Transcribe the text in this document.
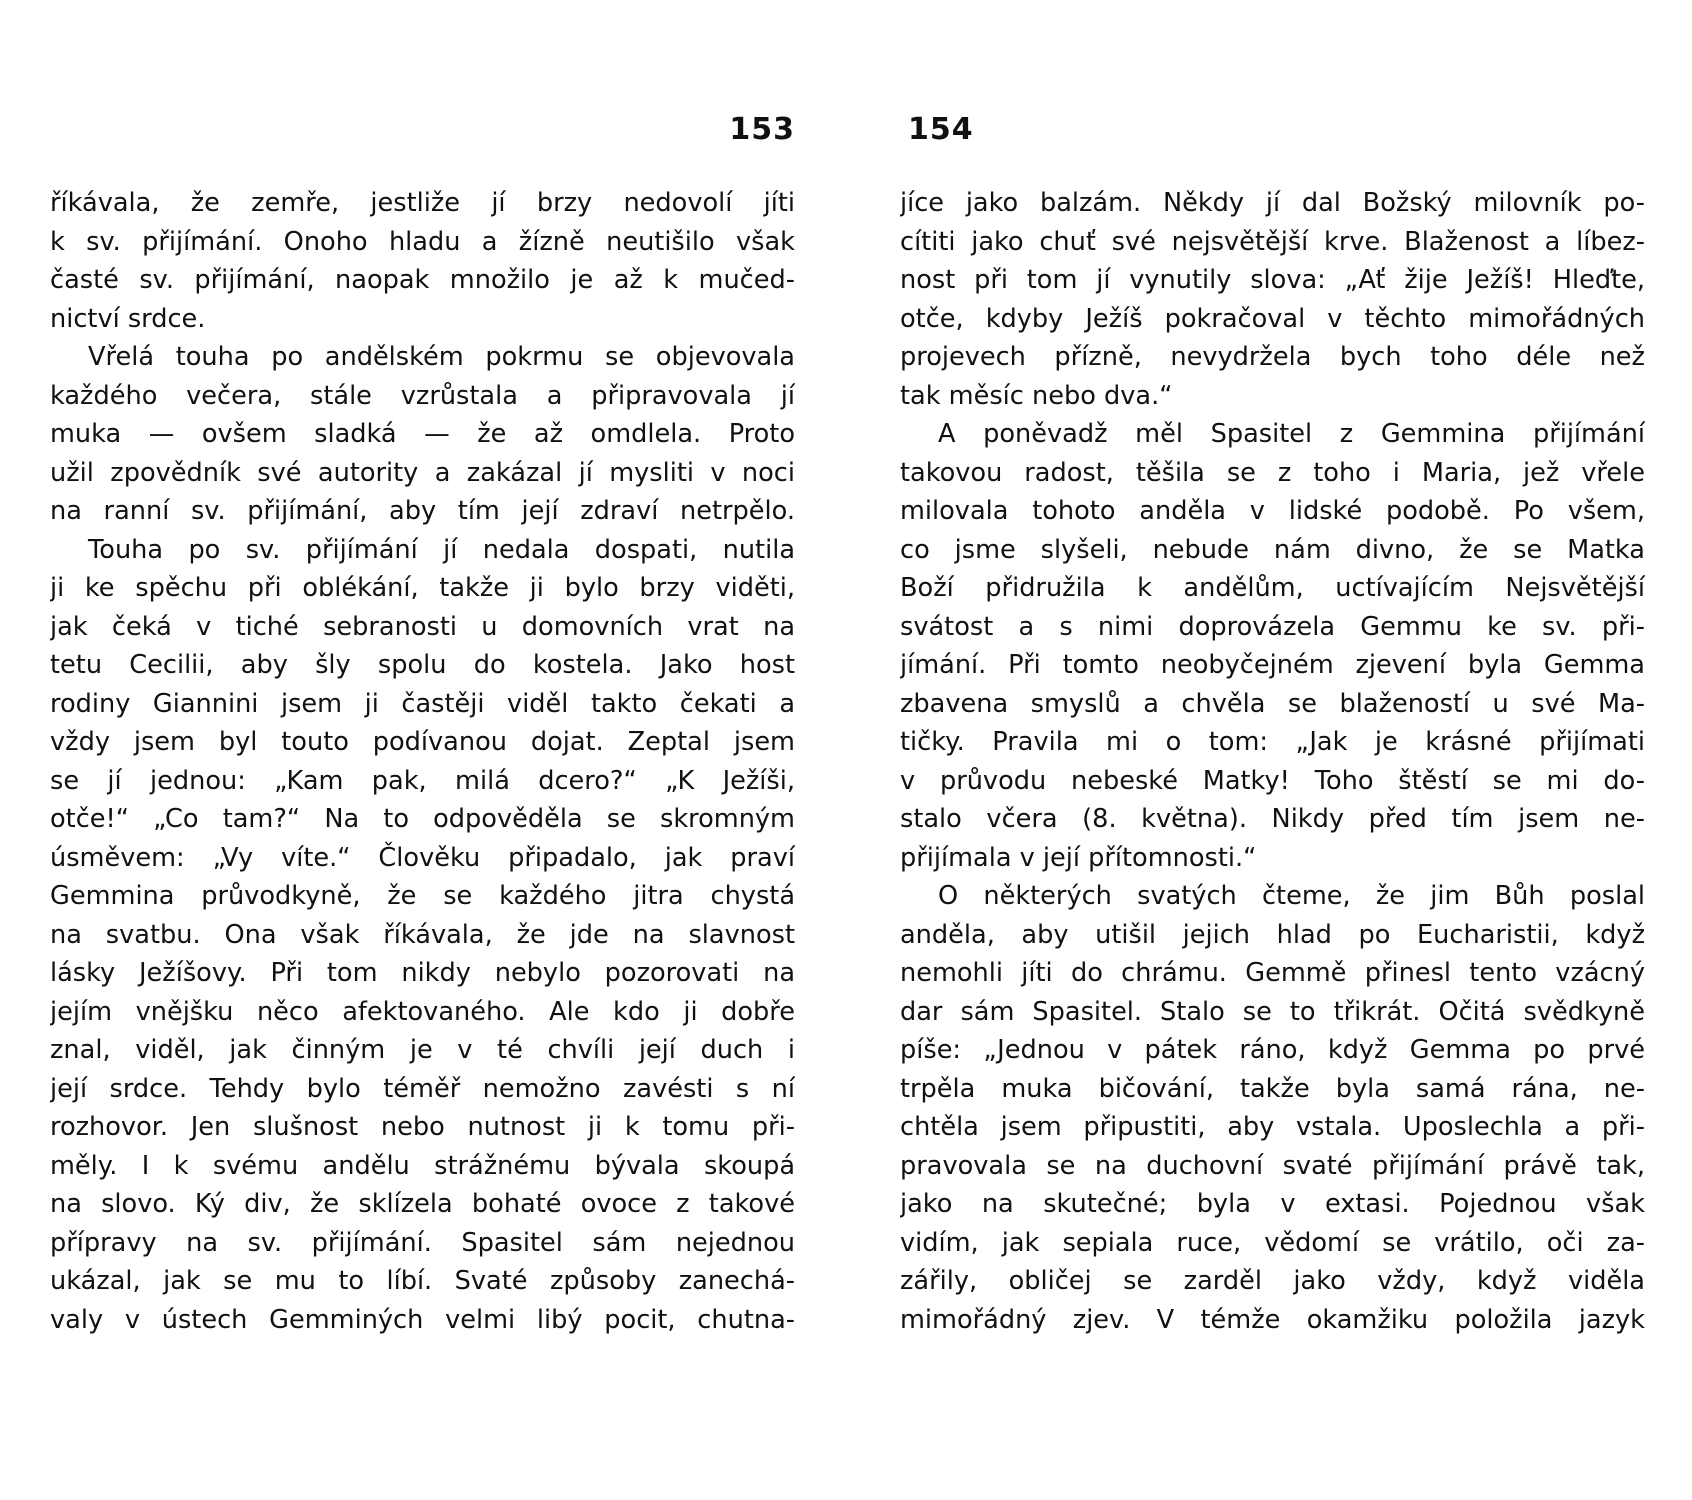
153
říkávala, že zemře, jestliže jí brzy nedovolí jíti
k sv. přijímání. Onoho hladu a žízně neutišilo však
časté sv. přijímání, naopak množilo je až k mučed-
nictví srdce.
Vřelá touha po andělském pokrmu se objevovala
každého večera, stále vzrůstala a připravovala jí
muka — ovšem sladká — že až omdlela. Proto
užil zpovědník své autority a zakázal jí mysliti v noci
na ranní sv. přijímání, aby tím její zdraví netrpělo.
Touha po sv. přijímání jí nedala dospati, nutila
ji ke spěchu při oblékání, takže ji bylo brzy viděti,
jak čeká v tiché sebranosti u domovních vrat na
tetu Cecilii, aby šly spolu do kostela. Jako host
rodiny Giannini jsem ji častěji viděl takto čekati a
vždy jsem byl touto podívanou dojat. Zeptal jsem
se jí jednou: „Kam pak, milá dcero?“ „K Ježíši,
otče!“ „Co tam?“ Na to odpověděla se skromným
úsměvem: „Vy víte.“ Člověku připadalo, jak praví
Gemmina průvodkyně, že se každého jitra chystá
na svatbu. Ona však říkávala, že jde na slavnost
lásky Ježíšovy. Při tom nikdy nebylo pozorovati na
jejím vnějšku něco afektovaného. Ale kdo ji dobře
znal, viděl, jak činným je v té chvíli její duch i
její srdce. Tehdy bylo téměř nemožno zavésti s ní
rozhovor. Jen slušnost nebo nutnost ji k tomu při-
měly. I k svému andělu strážnému bývala skoupá
na slovo. Ký div, že sklízela bohaté ovoce z takové
přípravy na sv. přijímání. Spasitel sám nejednou
ukázal, jak se mu to líbí. Svaté způsoby zanechá-
valy v ústech Gemminých velmi libý pocit, chutna-
154
jíce jako balzám. Někdy jí dal Božský milovník po-
cítiti jako chuť své nejsvětější krve. Blaženost a líbez-
nost při tom jí vynutily slova: „Ať žije Ježíš! Hleďte,
otče, kdyby Ježíš pokračoval v těchto mimořádných
projevech přízně, nevydržela bych toho déle než
tak měsíc nebo dva.“
A poněvadž měl Spasitel z Gemmina přijímání
takovou radost, těšila se z toho i Maria, jež vřele
milovala tohoto anděla v lidské podobě. Po všem,
co jsme slyšeli, nebude nám divno, že se Matka
Boží přidružila k andělům, uctívajícím Nejsvětější
svátost a s nimi doprovázela Gemmu ke sv. při-
jímání. Při tomto neobyčejném zjevení byla Gemma
zbavena smyslů a chvěla se blažeností u své Ma-
tičky. Pravila mi o tom: „Jak je krásné přijímati
v průvodu nebeské Matky! Toho štěstí se mi do-
stalo včera (8. května). Nikdy před tím jsem ne-
přijímala v její přítomnosti.“
O některých svatých čteme, že jim Bůh poslal
anděla, aby utišil jejich hlad po Eucharistii, když
nemohli jíti do chrámu. Gemmě přinesl tento vzácný
dar sám Spasitel. Stalo se to třikrát. Očitá svědkyně
píše: „Jednou v pátek ráno, když Gemma po prvé
trpěla muka bičování, takže byla samá rána, ne-
chtěla jsem připustiti, aby vstala. Uposlechla a při-
pravovala se na duchovní svaté přijímání právě tak,
jako na skutečné; byla v extasi. Pojednou však
vidím, jak sepiala ruce, vědomí se vrátilo, oči za-
zářily, obličej se zarděl jako vždy, když viděla
mimořádný zjev. V témže okamžiku položila jazyk
